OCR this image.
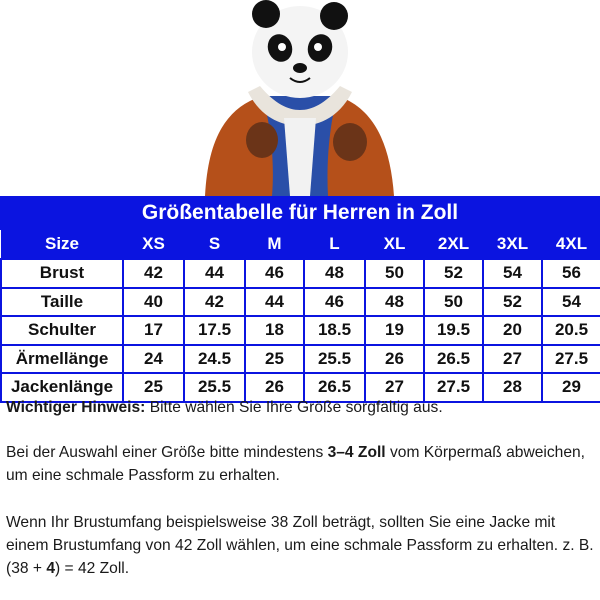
Größentabelle für Herren in Zoll
Size	XS	S	M	L	XL	2XL	3XL	4XL
Brust	42	44	46	48	50	52	54	56
Taille	40	42	44	46	48	50	52	54
Schulter	17	17.5	18	18.5	19	19.5	20	20.5
Ärmellänge	24	24.5	25	25.5	26	26.5	27	27.5
Jackenlänge	25	25.5	26	26.5	27	27.5	28	29

Wichtiger Hinweis: Bitte wählen Sie Ihre Größe sorgfältig aus.

Bei der Auswahl einer Größe bitte mindestens 3–4 Zoll vom Körpermaß abweichen, um eine schmale Passform zu erhalten.

Wenn Ihr Brustumfang beispielsweise 38 Zoll beträgt, sollten Sie eine Jacke mit einem Brustumfang von 42 Zoll wählen, um eine schmale Passform zu erhalten. z. B. (38 + 4) = 42 Zoll.
